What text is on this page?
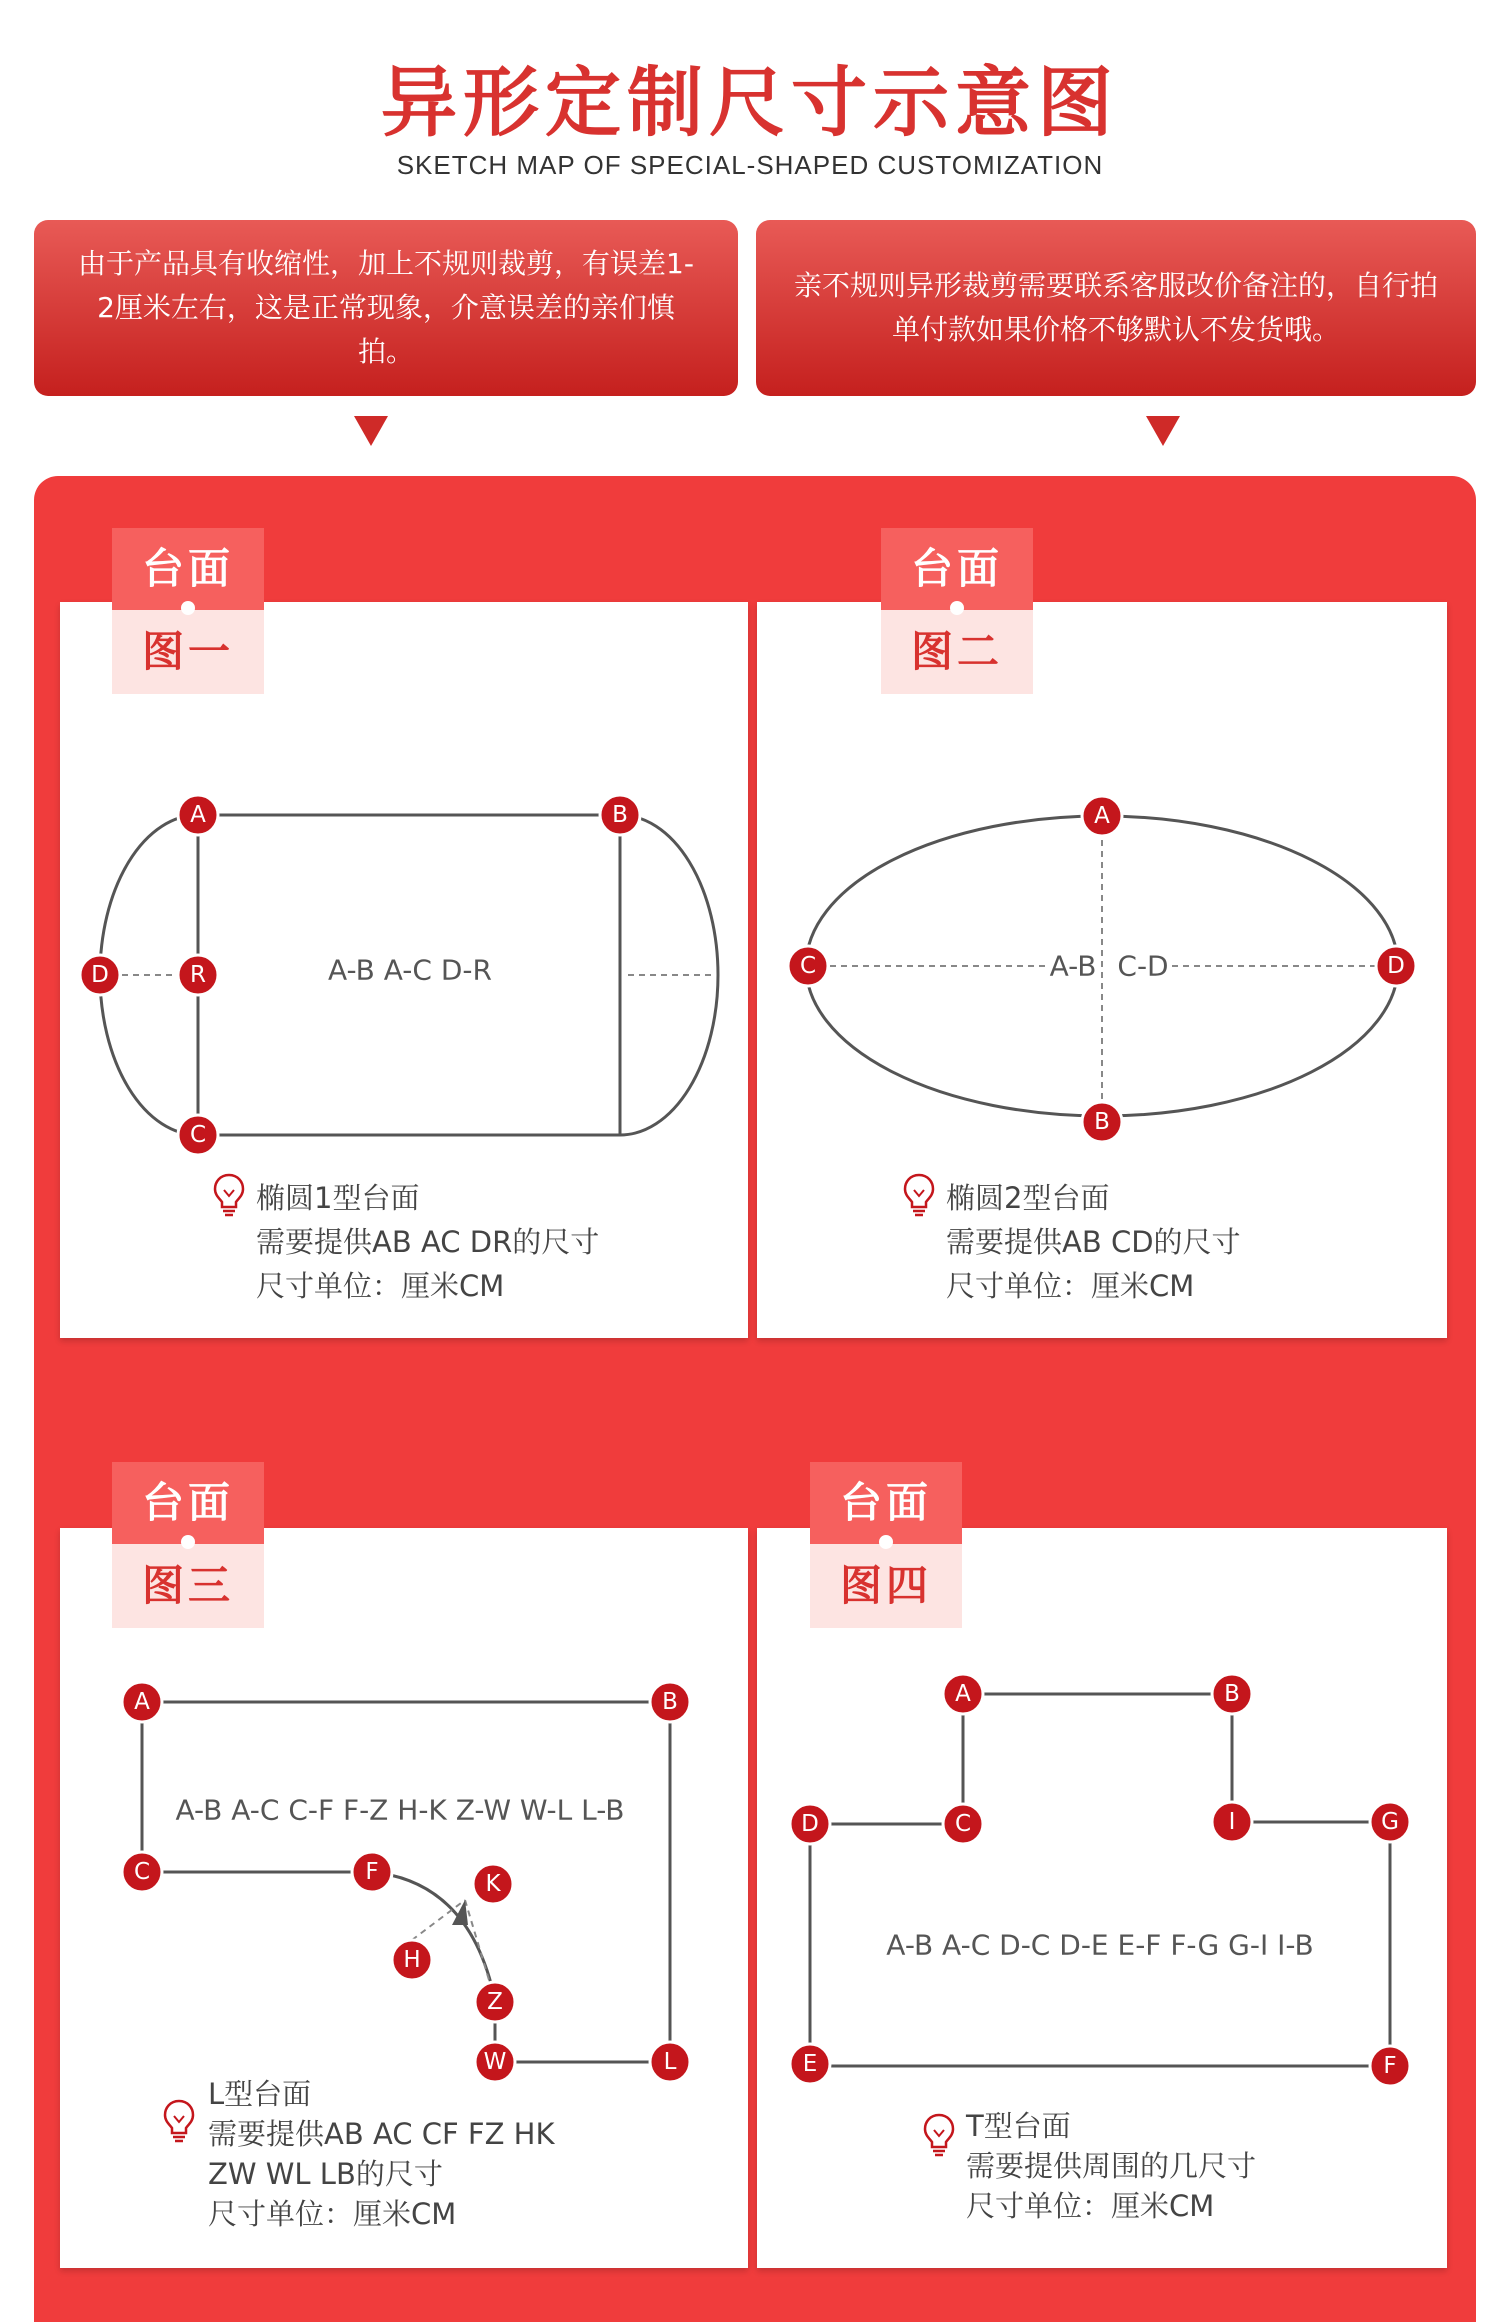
异形定制尺寸示意图
SKETCH MAP OF SPECIAL-SHAPED CUSTOMIZATION
由于产品具有收缩性，加上不规则裁剪，有误差1-2厘米左右，这是正常现象，介意误差的亲们慎拍。
亲不规则异形裁剪需要联系客服改价备注的，自行拍单付款如果价格不够默认不发货哦。
台面
图一
台面
图二
台面
图三
台面
图四
A-B A-C D-R
A	B
C
D	R	A-B C-D
A
B
C	D
A-B A-C C-F F-Z H-K Z-W W-L L-B
A	B
C	F	K
H
Z
W	L
A-B A-C D-C D-E E-F F-G G-I I-B
A	B
D	C	I	G
E	F
椭圆1型台面
需要提供AB AC DR的尺寸
尺寸单位：厘米CM
椭圆2型台面
需要提供AB CD的尺寸
尺寸单位：厘米CM
L型台面
需要提供AB AC CF FZ HK
ZW WL LB的尺寸
尺寸单位：厘米CM
T型台面
需要提供周围的几尺寸
尺寸单位：厘米CM
